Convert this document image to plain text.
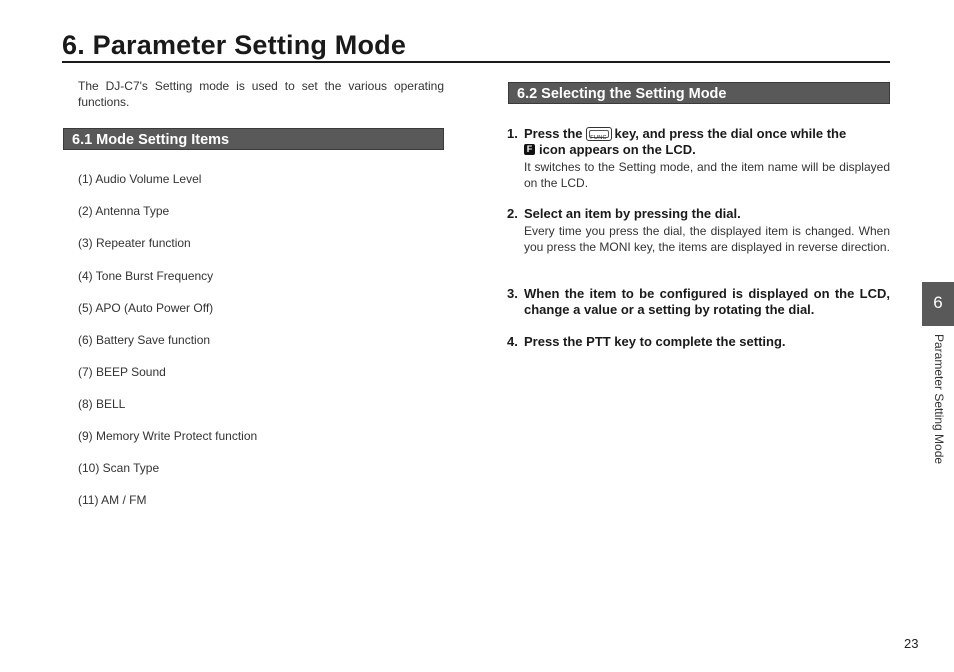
6. Parameter Setting Mode
The DJ-C7's Setting mode is used to set the various operating functions.
6.1 Mode Setting Items
(1) Audio Volume Level
(2) Antenna Type
(3) Repeater function
(4) Tone Burst Frequency
(5) APO (Auto Power Off)
(6) Battery Save function
(7) BEEP Sound
(8) BELL
(9) Memory Write Protect function
(10) Scan Type
(11) AM / FM
6.2 Selecting the Setting Mode
1. Press the	FUNC key, and press the dial once while the

F icon appears on the LCD.
It switches to the Setting mode, and the item name will be displayed on the LCD.
2. Select an item by pressing the dial.
Every time you press the dial, the displayed item is changed. When you press the MONI key, the items are displayed in reverse direction.
3. When the item to be configured is displayed on the LCD, change a value or a setting by rotating the dial.
4. Press the PTT key to complete the setting.
6
Parameter Setting Mode
23
